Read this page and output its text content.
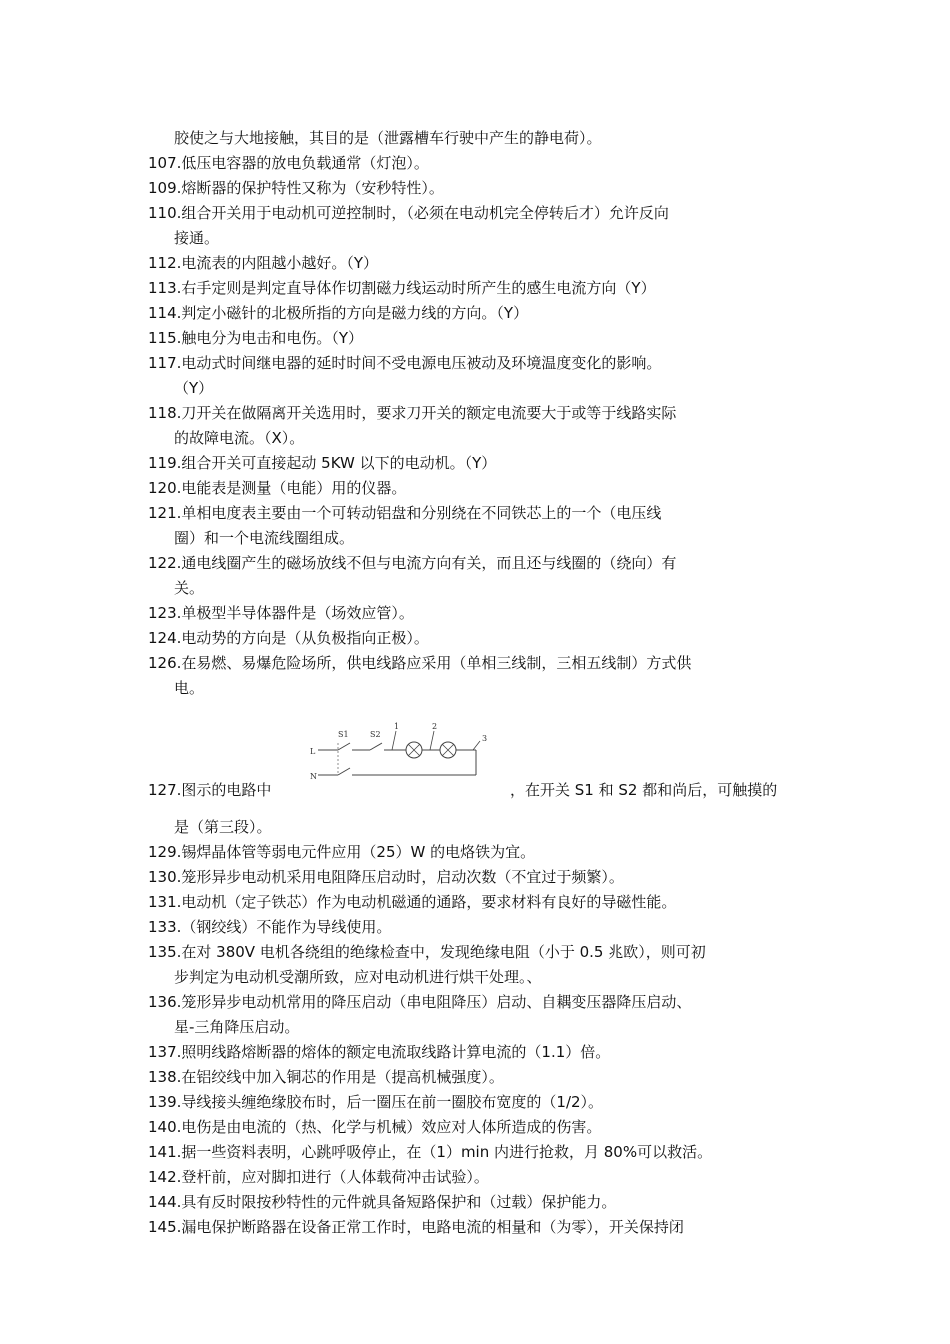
胶使之与大地接触，其目的是（泄露槽车行驶中产生的静电荷）。

107.低压电容器的放电负载通常（灯泡）。

109.熔断器的保护特性又称为（安秒特性）。

110.组合开关用于电动机可逆控制时，（必须在电动机完全停转后才）允许反向

接通。

112.电流表的内阻越小越好。（Y）

113.右手定则是判定直导体作切割磁力线运动时所产生的感生电流方向（Y）

114.判定小磁针的北极所指的方向是磁力线的方向。（Y）

115.触电分为电击和电伤。（Y）

117.电动式时间继电器的延时时间不受电源电压被动及环境温度变化的影响。

（Y）

118.刀开关在做隔离开关选用时，要求刀开关的额定电流要大于或等于线路实际

的故障电流。（X）。

119.组合开关可直接起动 5KW 以下的电动机。（Y）

120.电能表是测量（电能）用的仪器。

121.单相电度表主要由一个可转动铝盘和分别绕在不同铁芯上的一个（电压线

圈）和一个电流线圈组成。

122.通电线圈产生的磁场放线不但与电流方向有关，而且还与线圈的（绕向）有

关。

123.单极型半导体器件是（场效应管）。

124.电动势的方向是（从负极指向正极）。

126.在易燃、易爆危险场所，供电线路应采用（单相三线制，三相五线制）方式供

电。

L
S1	S2
1	2
3
N
127.图示的电路中	，在开关 S1 和 S2 都和尚后，可触摸的

是（第三段）。

129.锡焊晶体管等弱电元件应用（25）W 的电烙铁为宜。

130.笼形异步电动机采用电阻降压启动时，启动次数（不宜过于频繁）。

131.电动机（定子铁芯）作为电动机磁通的通路，要求材料有良好的导磁性能。

133.（钢绞线）不能作为导线使用。

135.在对 380V 电机各绕组的绝缘检查中，发现绝缘电阻（小于 0.5 兆欧），则可初

步判定为电动机受潮所致，应对电动机进行烘干处理。、

136.笼形异步电动机常用的降压启动（串电阻降压）启动、自耦变压器降压启动、

星-三角降压启动。

137.照明线路熔断器的熔体的额定电流取线路计算电流的（1.1）倍。

138.在铝绞线中加入铜芯的作用是（提高机械强度）。

139.导线接头缠绝缘胶布时，后一圈压在前一圈胶布宽度的（1/2）。

140.电伤是由电流的（热、化学与机械）效应对人体所造成的伤害。

141.据一些资料表明，心跳呼吸停止，在（1）min 内进行抢救，月 80%可以救活。

142.登杆前，应对脚扣进行（人体载荷冲击试验）。

144.具有反时限按秒特性的元件就具备短路保护和（过载）保护能力。

145.漏电保护断路器在设备正常工作时，电路电流的相量和（为零），开关保持闭
